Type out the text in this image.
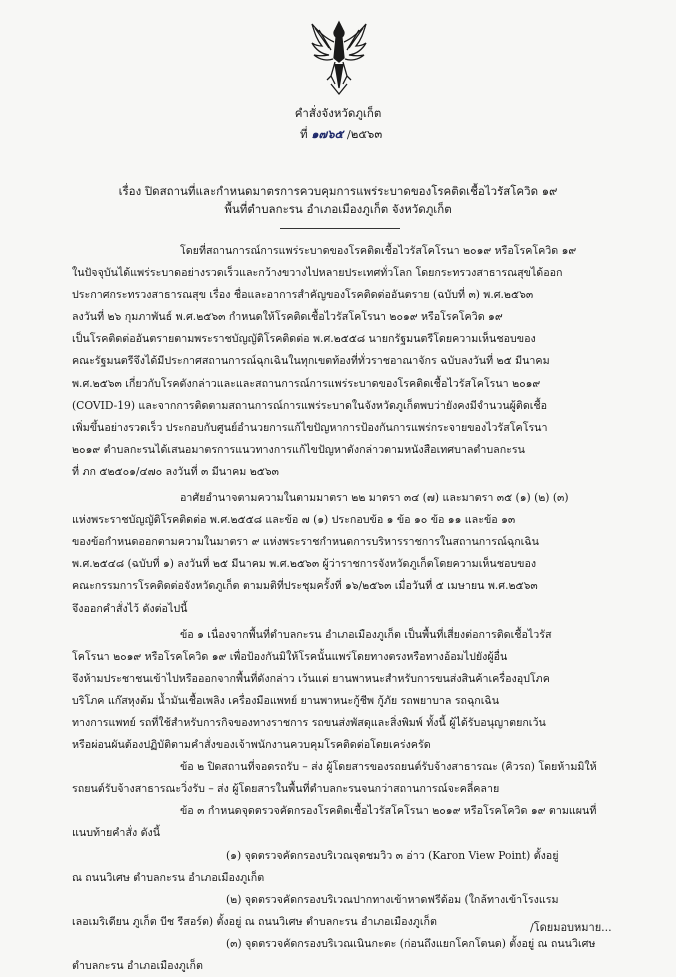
คำสั่งจังหวัดภูเก็ต
ที่ ๑๗๖๕ /๒๕๖๓
เรื่อง ปิดสถานที่และกำหนดมาตรการควบคุมการแพร่ระบาดของโรคติดเชื้อไวรัสโควิด ๑๙
พื้นที่ตำบลกะรน อำเภอเมืองภูเก็ต จังหวัดภูเก็ต
โดยที่สถานการณ์การแพร่ระบาดของโรคติดเชื้อไวรัสโคโรนา ๒๐๑๙ หรือโรคโควิด ๑๙
ในปัจจุบันได้แพร่ระบาดอย่างรวดเร็วและกว้างขวางไปหลายประเทศทั่วโลก โดยกระทรวงสาธารณสุขได้ออก
ประกาศกระทรวงสาธารณสุข เรื่อง ชื่อและอาการสำคัญของโรคติดต่ออันตราย (ฉบับที่ ๓) พ.ศ.๒๕๖๓
ลงวันที่ ๒๖ กุมภาพันธ์ พ.ศ.๒๕๖๓ กำหนดให้โรคติดเชื้อไวรัสโคโรนา ๒๐๑๙ หรือโรคโควิด ๑๙
เป็นโรคติดต่ออันตรายตามพระราชบัญญัติโรคติดต่อ พ.ศ.๒๕๕๘ นายกรัฐมนตรีโดยความเห็นชอบของ
คณะรัฐมนตรีจึงได้มีประกาศสถานการณ์ฉุกเฉินในทุกเขตท้องที่ทั่วราชอาณาจักร ฉบับลงวันที่ ๒๕ มีนาคม
พ.ศ.๒๕๖๓ เกี่ยวกับโรคดังกล่าวและและสถานการณ์การแพร่ระบาดของโรคติดเชื้อไวรัสโคโรนา ๒๐๑๙
(COVID-19) และจากการติดตามสถานการณ์การแพร่ระบาดในจังหวัดภูเก็ตพบว่ายังคงมีจำนวนผู้ติดเชื้อ
เพิ่มขึ้นอย่างรวดเร็ว ประกอบกับศูนย์อำนวยการแก้ไขปัญหาการป้องกันการแพร่กระจายของไวรัสโคโรนา
๒๐๑๙ ตำบลกะรนได้เสนอมาตรการแนวทางการแก้ไขปัญหาดังกล่าวตามหนังสือเทศบาลตำบลกะรน
ที่ ภก ๕๒๕๐๑/๔๗๐ ลงวันที่ ๓ มีนาคม ๒๕๖๓
อาศัยอำนาจตามความในตามมาตรา ๒๒ มาตรา ๓๔ (๗) และมาตรา ๓๕ (๑) (๒) (๓)
แห่งพระราชบัญญัติโรคติดต่อ พ.ศ.๒๕๕๘ และข้อ ๗ (๑) ประกอบข้อ ๑ ข้อ ๑๐ ข้อ ๑๑ และข้อ ๑๓
ของข้อกำหนดออกตามความในมาตรา ๙ แห่งพระราชกำหนดการบริหารราชการในสถานการณ์ฉุกเฉิน
พ.ศ.๒๕๔๘ (ฉบับที่ ๑) ลงวันที่ ๒๕ มีนาคม พ.ศ.๒๕๖๓ ผู้ว่าราชการจังหวัดภูเก็ตโดยความเห็นชอบของ
คณะกรรมการโรคติดต่อจังหวัดภูเก็ต ตามมติที่ประชุมครั้งที่ ๑๖/๒๕๖๓ เมื่อวันที่ ๕ เมษายน พ.ศ.๒๕๖๓
จึงออกคำสั่งไว้ ดังต่อไปนี้
ข้อ ๑ เนื่องจากพื้นที่ตำบลกะรน อำเภอเมืองภูเก็ต เป็นพื้นที่เสี่ยงต่อการติดเชื้อไวรัส
โคโรนา ๒๐๑๙ หรือโรคโควิด ๑๙ เพื่อป้องกันมิให้โรคนั้นแพร่โดยทางตรงหรือทางอ้อมไปยังผู้อื่น
จึงห้ามประชาชนเข้าไปหรือออกจากพื้นที่ดังกล่าว เว้นแต่ ยานพาหนะสำหรับการขนส่งสินค้าเครื่องอุปโภค
บริโภค แก๊สหุงต้ม น้ำมันเชื้อเพลิง เครื่องมือแพทย์ ยานพาหนะกู้ชีพ กู้ภัย รถพยาบาล รถฉุกเฉิน
ทางการแพทย์ รถที่ใช้สำหรับการกิจของทางราชการ รถขนส่งพัสดุและสิ่งพิมพ์ ทั้งนี้ ผู้ได้รับอนุญาตยกเว้น
หรือผ่อนผันต้องปฏิบัติตามคำสั่งของเจ้าพนักงานควบคุมโรคติดต่อโดยเคร่งครัด
ข้อ ๒ ปิดสถานที่จอดรถรับ – ส่ง ผู้โดยสารของรถยนต์รับจ้างสาธารณะ (คิวรถ) โดยห้ามมิให้
รถยนต์รับจ้างสาธารณะวิ่งรับ – ส่ง ผู้โดยสารในพื้นที่ตำบลกะรนจนกว่าสถานการณ์จะคลี่คลาย
ข้อ ๓ กำหนดจุดตรวจคัดกรองโรคติดเชื้อไวรัสโคโรนา ๒๐๑๙ หรือโรคโควิด ๑๙ ตามแผนที่
แนบท้ายคำสั่ง ดังนี้
(๑) จุดตรวจคัดกรองบริเวณจุดชมวิว ๓ อ่าว (Karon View Point) ตั้งอยู่
ณ ถนนวิเศษ ตำบลกะรน อำเภอเมืองภูเก็ต
(๒) จุดตรวจคัดกรองบริเวณปากทางเข้าหาดฟรีด้อม (ใกล้ทางเข้าโรงแรม
เลอเมริเดียน ภูเก็ต บีช รีสอร์ต) ตั้งอยู่ ณ ถนนวิเศษ ตำบลกะรน อำเภอเมืองภูเก็ต
(๓) จุดตรวจคัดกรองบริเวณเนินกะตะ (ก่อนถึงแยกโคกโตนด) ตั้งอยู่ ณ ถนนวิเศษ
ตำบลกะรน อำเภอเมืองภูเก็ต
/โดยมอบหมาย...
